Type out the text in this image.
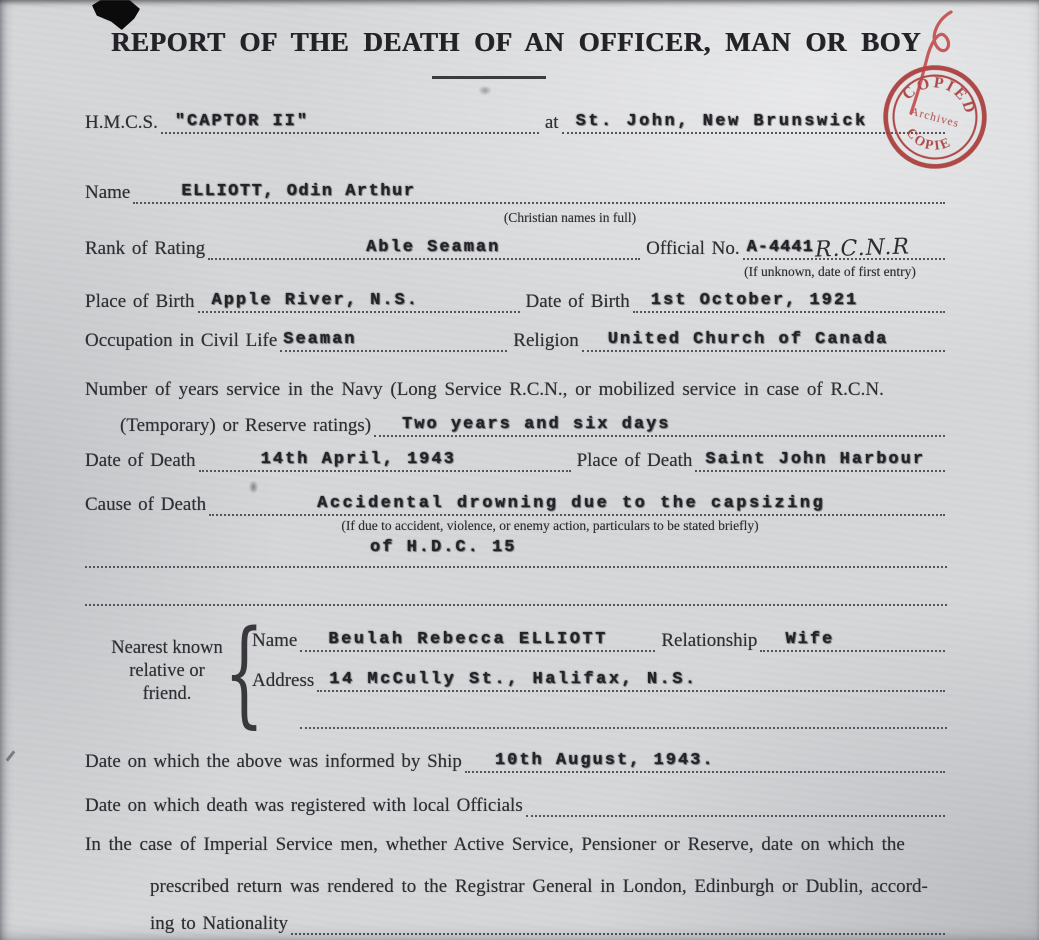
REPORT OF THE DEATH OF AN OFFICER, MAN OR BOY
COPIED
Archives
COPIE
H.M.C.S. "CAPTOR II"	at St. John, New Brunswick
Name	ELLIOTT, Odin Arthur
(Christian names in full)
Rank of Rating	Able Seaman	Official No. A-4441 R.C.N.R
(If unknown, date of first entry)
Place of Birth Apple River, N.S.	Date of Birth 1st October, 1921
Occupation in Civil Life Seaman	Religion United Church of Canada
Number of years service in the Navy (Long Service R.C.N., or mobilized service in case of R.C.N.
(Temporary) or Reserve ratings) Two years and six days
Date of Death	14th April, 1943	Place of Death Saint John Harbour
Cause of Death	Accidental drowning due to the capsizing
(If due to accident, violence, or enemy action, particulars to be stated briefly)
of H.D.C. 15
Nearest known
relative or
friend. {
Name Beulah Rebecca ELLIOTT	Relationship Wife
Address 14 McCully St., Halifax, N.S.
Date on which the above was informed by Ship 10th August, 1943.
Date on which death was registered with local Officials
In the case of Imperial Service men, whether Active Service, Pensioner or Reserve, date on which the
prescribed return was rendered to the Registrar General in London, Edinburgh or Dublin, accord-
ing to Nationality
